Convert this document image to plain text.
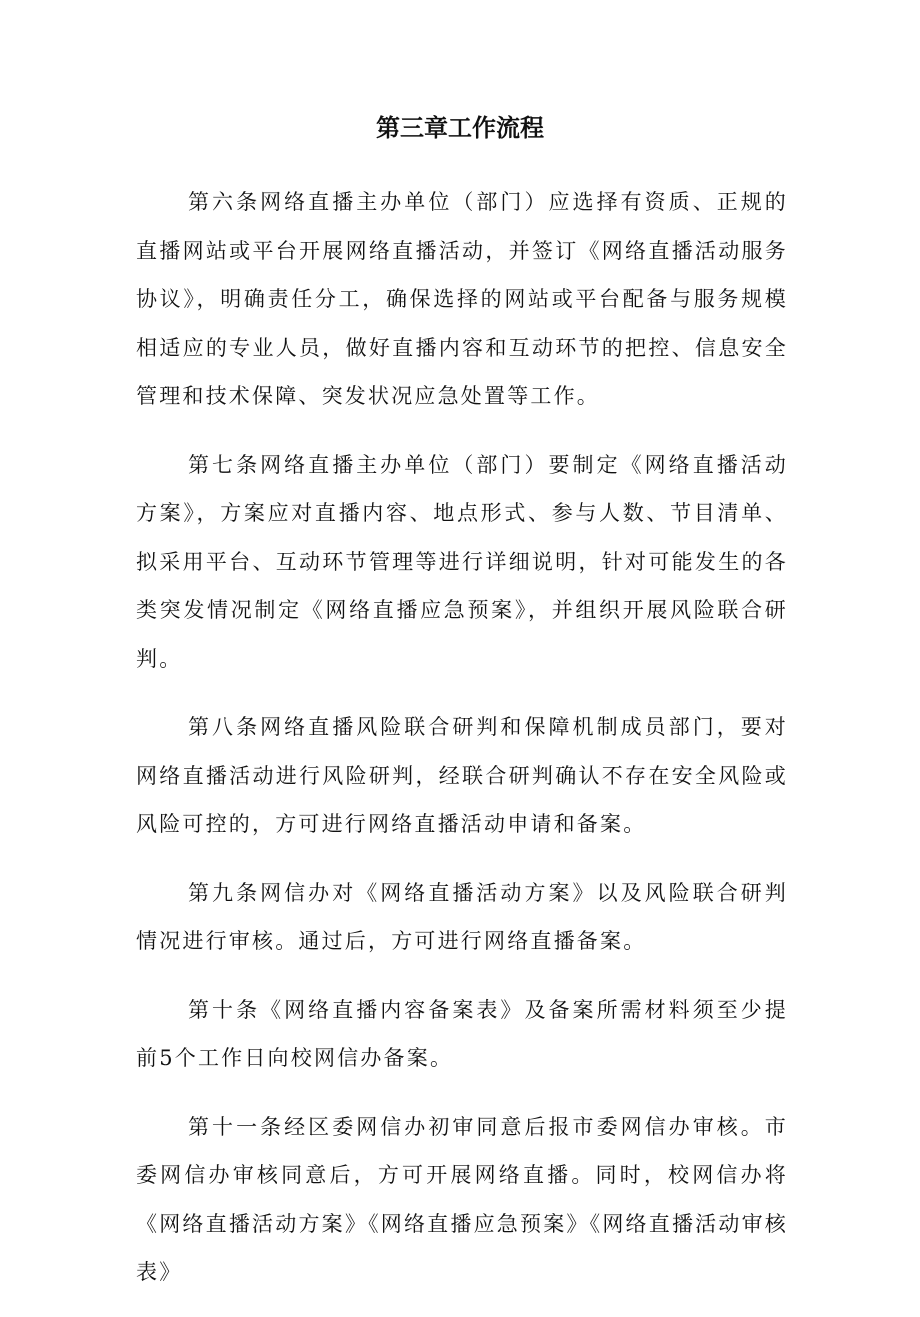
第三章工作流程

第六条网络直播主办单位（部门）应选择有资质、正规的直播网站或平台开展网络直播活动，并签订《网络直播活动服务协议》，明确责任分工，确保选择的网站或平台配备与服务规模相适应的专业人员，做好直播内容和互动环节的把控、信息安全管理和技术保障、突发状况应急处置等工作。

第七条网络直播主办单位（部门）要制定《网络直播活动方案》，方案应对直播内容、地点形式、参与人数、节目清单、拟采用平台、互动环节管理等进行详细说明，针对可能发生的各类突发情况制定《网络直播应急预案》，并组织开展风险联合研判。

第八条网络直播风险联合研判和保障机制成员部门，要对网络直播活动进行风险研判，经联合研判确认不存在安全风险或风险可控的，方可进行网络直播活动申请和备案。

第九条网信办对《网络直播活动方案》以及风险联合研判情况进行审核。通过后，方可进行网络直播备案。

第十条《网络直播内容备案表》及备案所需材料须至少提前5个工作日向校网信办备案。

第十一条经区委网信办初审同意后报市委网信办审核。市委网信办审核同意后，方可开展网络直播。同时，校网信办将《网络直播活动方案》《网络直播应急预案》《网络直播活动审核表》
